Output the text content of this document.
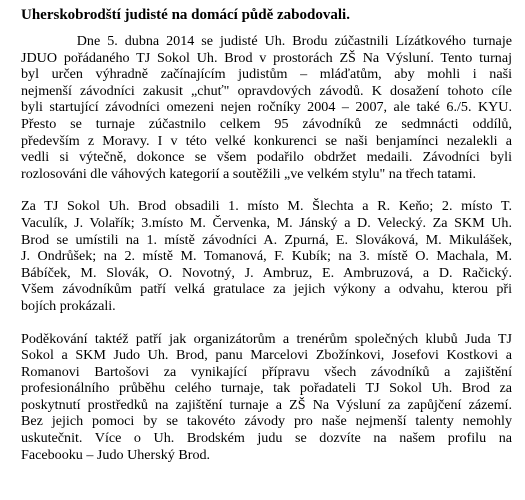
Uherskobrodští judisté na domácí půdě zabodovali.
Dne 5. dubna 2014 se judisté Uh. Brodu zúčastnili Lízátkového turnaje
JDUO pořádaného TJ Sokol Uh. Brod v prostorách ZŠ Na Výsluní. Tento turnaj
byl určen výhradně začínajícím judistům – mláďatům, aby mohli i naši
nejmenší závodníci zakusit „chuť" opravdových závodů. K dosažení tohoto cíle
byli startující závodníci omezeni nejen ročníky 2004 – 2007, ale také 6./5. KYU.
Přesto se turnaje zúčastnilo celkem 95 závodníků ze sedmnácti oddílů,
především z Moravy. I v této velké konkurenci se naši benjamínci nezalekli a
vedli si výtečně, dokonce se všem podařilo obdržet medaili. Závodníci byli
rozlosováni dle váhových kategorií a soutěžili „ve velkém stylu" na třech tatami.
Za TJ Sokol Uh. Brod obsadili 1. místo M. Šlechta a R. Keňo; 2. místo T.
Vaculík, J. Volařík; 3.místo M. Červenka, M. Jánský a D. Velecký. Za SKM Uh.
Brod se umístili na 1. místě závodníci A. Zpurná, E. Slováková, M. Mikulášek,
J. Ondrůšek; na 2. místě M. Tomanová, F. Kubík; na 3. místě O. Machala, M.
Bábíček, M. Slovák, O. Novotný, J. Ambruz, E. Ambruzová, a D. Račický.
Všem závodníkům patří velká gratulace za jejich výkony a odvahu, kterou při
bojích prokázali.
Poděkování taktéž patří jak organizátorům a trenérům společných klubů Juda TJ
Sokol a SKM Judo Uh. Brod, panu Marcelovi Zbožínkovi, Josefovi Kostkovi a
Romanovi Bartošovi za vynikající přípravu všech závodníků a zajištění
profesionálního průběhu celého turnaje, tak pořadateli TJ Sokol Uh. Brod za
poskytnutí prostředků na zajištění turnaje a ZŠ Na Výsluní za zapůjčení zázemí.
Bez jejich pomoci by se takovéto závody pro naše nejmenší talenty nemohly
uskutečnit. Více o Uh. Brodském judu se dozvíte na našem profilu na
Facebooku – Judo Uherský Brod.
